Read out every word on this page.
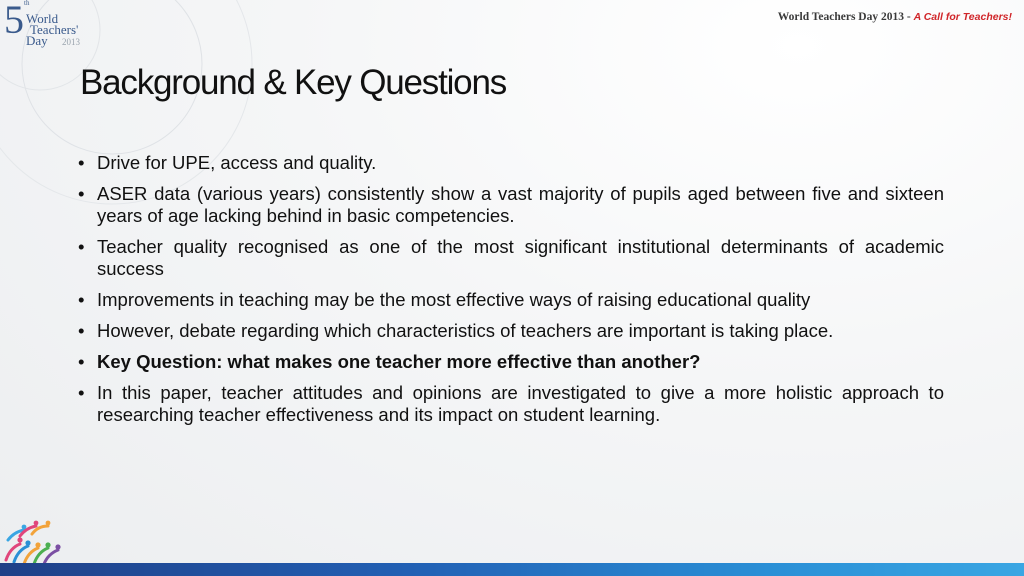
5th
World
Teachers'
Day 2013
World Teachers Day 2013 - A Call for Teachers!
Background & Key Questions
• Drive for UPE, access and quality.
• ASER data (various years) consistently show a vast majority of pupils aged between five and sixteen years of age lacking behind in basic competencies.
• Teacher quality recognised as one of the most significant institutional determinants of academic success
• Improvements in teaching may be the most effective ways of raising educational quality
• However, debate regarding which characteristics of teachers are important is taking place.
• Key Question: what makes one teacher more effective than another?
• In this paper, teacher attitudes and opinions are investigated to give a more holistic approach to researching teacher effectiveness and its impact on student learning.
